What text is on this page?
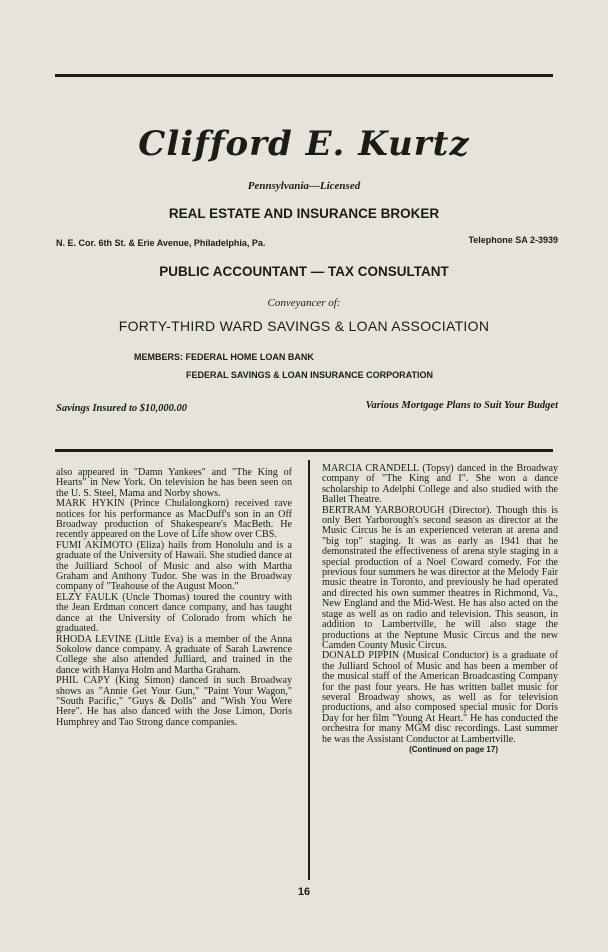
Clifford E. Kurtz
Pennsylvania—Licensed
REAL ESTATE AND INSURANCE BROKER
N. E. Cor. 6th St. & Erie Avenue, Philadelphia, Pa.	Telephone SA 2-3939
PUBLIC ACCOUNTANT — TAX CONSULTANT
Conveyancer of:
FORTY-THIRD WARD SAVINGS & LOAN ASSOCIATION
MEMBERS: FEDERAL HOME LOAN BANK
FEDERAL SAVINGS & LOAN INSURANCE CORPORATION
Savings Insured to $10,000.00	Various Mortgage Plans to Suit Your Budget

also appeared in "Damn Yankees" and "The King of Hearts" in New York. On television he has been seen on the U. S. Steel, Mama and Norby shows.

MARK HYKIN (Prince Chulalongkorn) received rave notices for his performance as MacDuff's son in an Off Broadway production of Shakespeare's MacBeth. He recently appeared on the Love of Life show over CBS.

FUMI AKIMOTO (Eliza) hails from Honolulu and is a graduate of the University of Hawaii. She studied dance at the Juilliard School of Music and also with Martha Graham and Anthony Tudor. She was in the Broadway company of "Teahouse of the August Moon."

ELZY FAULK (Uncle Thomas) toured the country with the Jean Erdman concert dance company, and has taught dance at the University of Colorado from which he graduated.

RHODA LEVINE (Little Eva) is a member of the Anna Sokolow dance company. A graduate of Sarah Lawrence College she also attended Julliard, and trained in the dance with Hanya Holm and Martha Graham.

PHIL CAPY (King Simon) danced in such Broadway shows as "Annie Get Your Gun," "Paint Your Wagon," "South Pacific," "Guys & Dolls" and "Wish You Were Here". He has also danced with the Jose Limon, Doris Humphrey and Tao Strong dance companies.

MARCIA CRANDELL (Topsy) danced in the Broadway company of "The King and I". She won a dance scholarship to Adelphi College and also studied with the Ballet Theatre.

BERTRAM YARBOROUGH (Director). Though this is only Bert Yarborough's second season as director at the Music Circus he is an experienced veteran at arena and "big top" staging. It was as early as 1941 that he demonstrated the effectiveness of arena style staging in a special production of a Noel Coward comedy. For the previous four summers he was director at the Melody Fair music theatre in Toronto, and previously he had operated and directed his own summer theatres in Richmond, Va., New England and the Mid-West. He has also acted on the stage as well as on radio and television. This season, in addition to Lambertville, he will also stage the productions at the Neptune Music Circus and the new Camden County Music Circus.

DONALD PIPPIN (Musical Conductor) is a graduate of the Julliard School of Music and has been a member of the musical staff of the American Broadcasting Company for the past four years. He has written ballet music for several Broadway shows, as well as for television productions, and also composed special music for Doris Day for her film "Young At Heart." He has conducted the orchestra for many MGM disc recordings. Last summer he was the Assistant Conductor at Lambertville.

(Continued on page 17)

16
